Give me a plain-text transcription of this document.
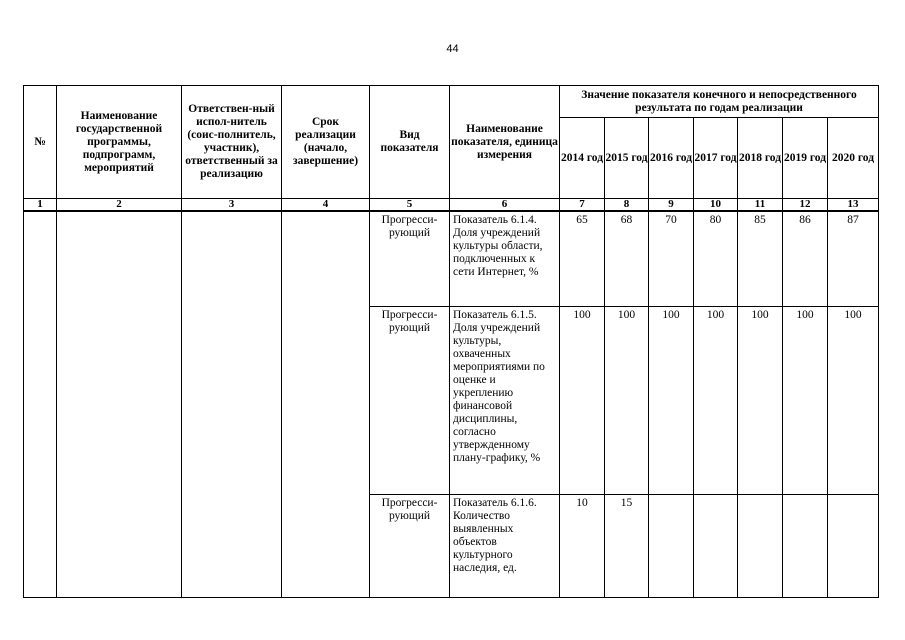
44
№	Наименование государственной программы, подпрограмм, мероприятий	Ответствен-ный испол-нитель (соис-полнитель, участник), ответственный за реализацию	Срок реализации (начало, завершение)	Вид показателя	Наименование показателя, единица измерения	Значение показателя конечного и непосредственного результата по годам реализации						
						2014 год	2015 год	2016 год	2017 год	2018 год	2019 год	2020 год
1	2	3	4	5	6	7	8	9	10	11	12	13
				Прогресси-рующий	Показатель 6.1.4. Доля учреждений культуры области, подключенных к сети Интернет, %	65	68	70	80	85	86	87
				Прогресси-рующий	Показатель 6.1.5. Доля учреждений культуры, охваченных мероприятиями по оценке и укреплению финансовой дисциплины, согласно утвержденному плану-графику, %	100	100	100	100	100	100	100
				Прогресси-рующий	Показатель 6.1.6. Количество выявленных объектов культурного наследия, ед.	10	15					
